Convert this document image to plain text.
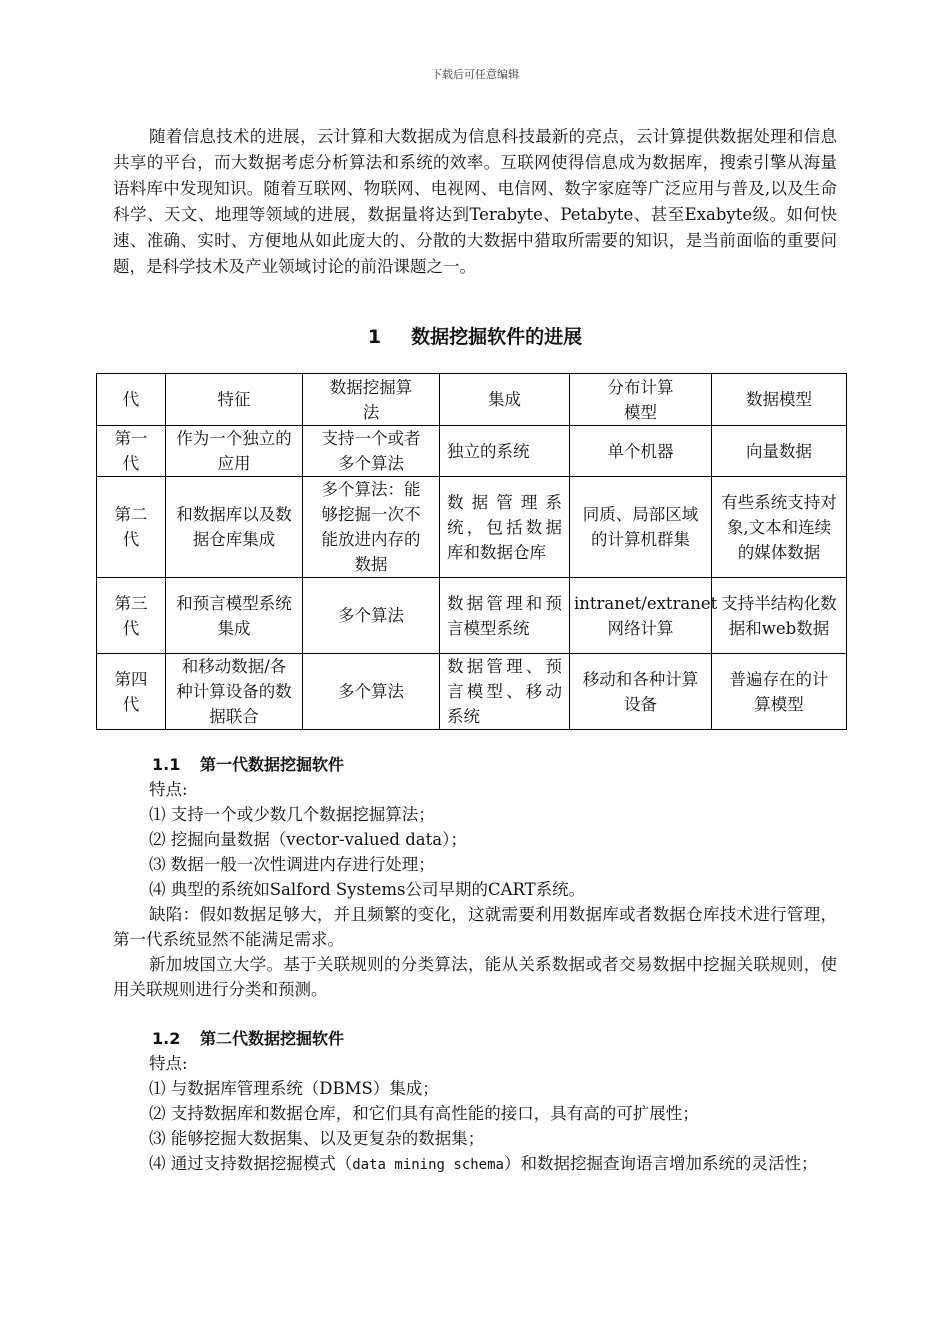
下载后可任意编辑

随着信息技术的进展，云计算和大数据成为信息科技最新的亮点，云计算提供数据处理和信息共享的平台，而大数据考虑分析算法和系统的效率。互联网使得信息成为数据库，搜索引擎从海量语料库中发现知识。随着互联网、物联网、电视网、电信网、数字家庭等广泛应用与普及,以及生命科学、天文、地理等领域的进展，数据量将达到Terabyte、Petabyte、甚至Exabyte级。如何快速、准确、实时、方便地从如此庞大的、分散的大数据中猎取所需要的知识，是当前面临的重要问题，是科学技术及产业领域讨论的前沿课题之一。

1 数据挖掘软件的进展
代	特征	数据挖掘算法	集成	分布计算模型	数据模型
第一代	作为一个独立的应用	支持一个或者多个算法	独立的系统	单个机器	向量数据
第二代	和数据库以及数据仓库集成	多个算法：能够挖掘一次不能放进内存的数据	数据管理系统，包括数据库和数据仓库	同质、局部区域的计算机群集	有些系统支持对象,文本和连续的媒体数据
第三代	和预言模型系统集成	多个算法	数据管理和预言模型系统	intranet/extranet网络计算	支持半结构化数据和web数据
第四代	和移动数据/各种计算设备的数据联合	多个算法	数据管理、预言模型、移动系统	移动和各种计算设备	普遍存在的计算模型
1.1 第一代数据挖掘软件
特点:
⑴ 支持一个或少数几个数据挖掘算法；
⑵ 挖掘向量数据（vector-valued data）；
⑶ 数据一般一次性调进内存进行处理；
⑷ 典型的系统如Salford Systems公司早期的CART系统。
缺陷：假如数据足够大，并且频繁的变化，这就需要利用数据库或者数据仓库技术进行管理，第一代系统显然不能满足需求。
新加坡国立大学。基于关联规则的分类算法，能从关系数据或者交易数据中挖掘关联规则，使用关联规则进行分类和预测。
1.2 第二代数据挖掘软件
特点:
⑴ 与数据库管理系统（DBMS）集成；
⑵ 支持数据库和数据仓库，和它们具有高性能的接口，具有高的可扩展性；
⑶ 能够挖掘大数据集、以及更复杂的数据集；
⑷ 通过支持数据挖掘模式（data mining schema）和数据挖掘查询语言增加系统的灵活性；
